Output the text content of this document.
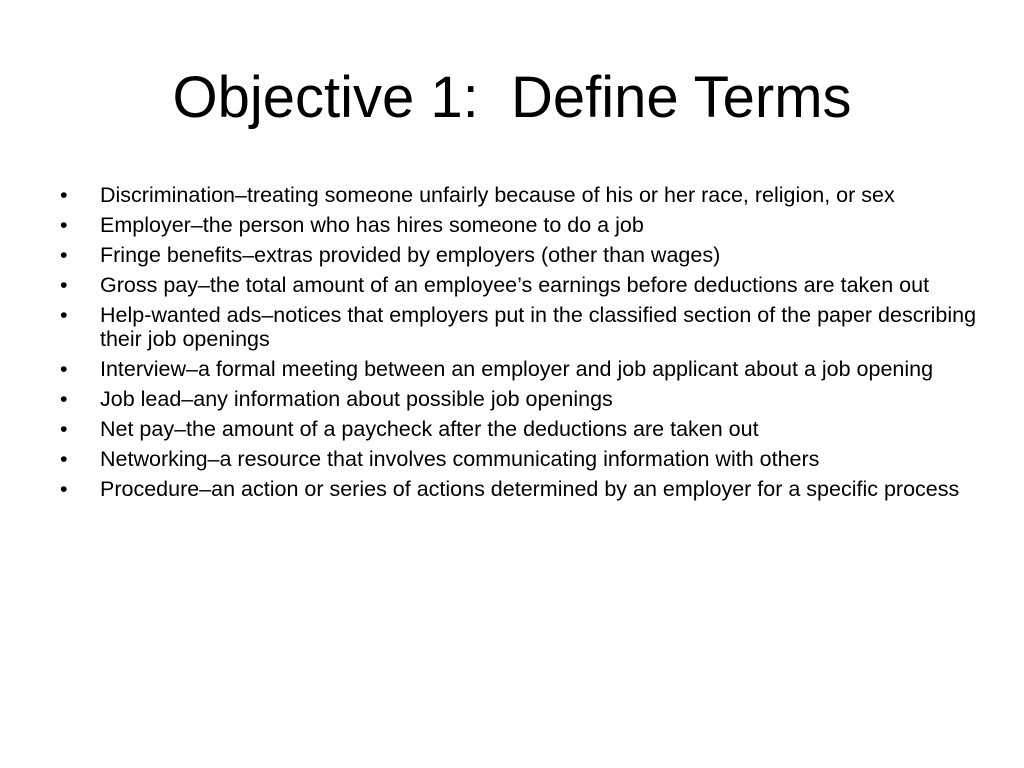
Objective 1:  Define Terms
•	Discrimination–treating someone unfairly because of his or her race, religion, or sex
•	Employer–the person who has hires someone to do a job
•	Fringe benefits–extras provided by employers (other than wages)
•	Gross pay–the total amount of an employee’s earnings before deductions are taken out
•	Help-wanted ads–notices that employers put in the classified section of the paper describing their job openings
•	Interview–a formal meeting between an employer and job applicant about a job opening
•	Job lead–any information about possible job openings
•	Net pay–the amount of a paycheck after the deductions are taken out
•	Networking–a resource that involves communicating information with others
•	Procedure–an action or series of actions determined by an employer for a specific process
